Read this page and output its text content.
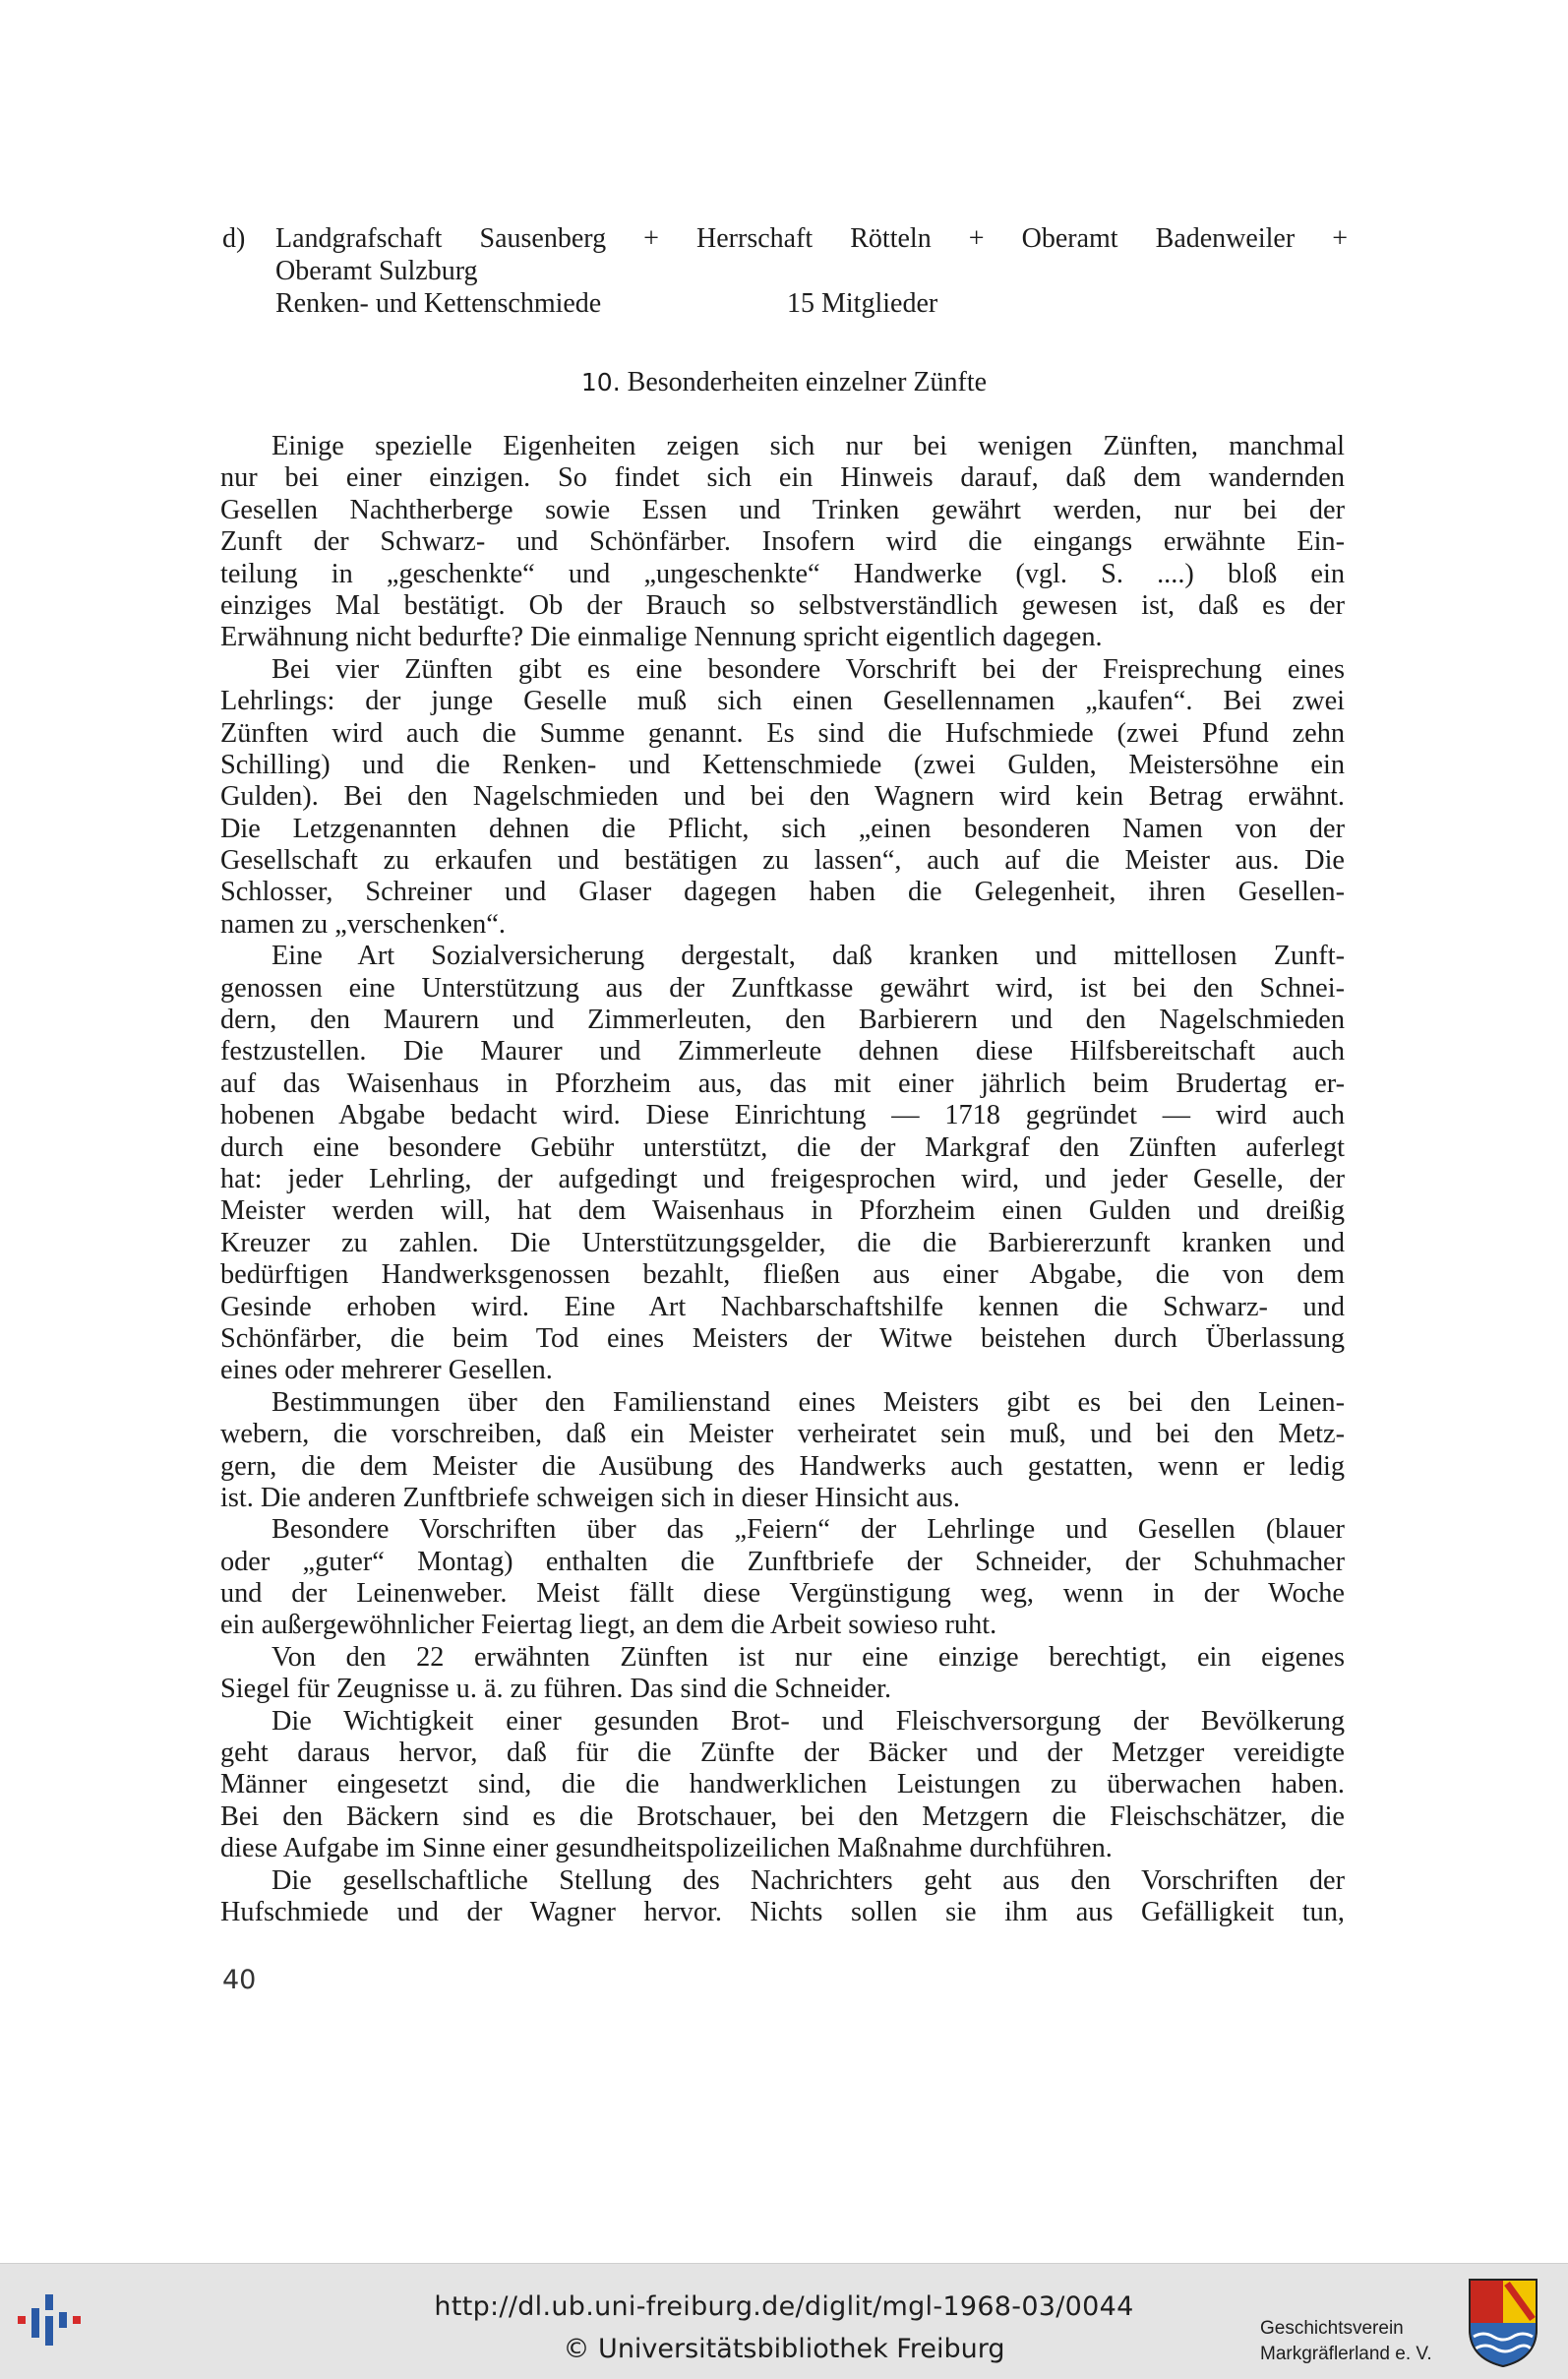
d) Landgrafschaft Sausenberg + Herrschaft Rötteln + Oberamt Badenweiler +
Oberamt Sulzburg
Renken- und Kettenschmiede	15 Mitglieder
10. Besonderheiten einzelner Zünfte
Einige spezielle Eigenheiten zeigen sich nur bei wenigen Zünften, manchmal
nur bei einer einzigen. So findet sich ein Hinweis darauf, daß dem wandernden
Gesellen Nachtherberge sowie Essen und Trinken gewährt werden, nur bei der
Zunft der Schwarz- und Schönfärber. Insofern wird die eingangs erwähnte Ein-
teilung in „geschenkte“ und „ungeschenkte“ Handwerke (vgl. S. ....) bloß ein
einziges Mal bestätigt. Ob der Brauch so selbstverständlich gewesen ist, daß es der
Erwähnung nicht bedurfte? Die einmalige Nennung spricht eigentlich dagegen.
Bei vier Zünften gibt es eine besondere Vorschrift bei der Freisprechung eines
Lehrlings: der junge Geselle muß sich einen Gesellennamen „kaufen“. Bei zwei
Zünften wird auch die Summe genannt. Es sind die Hufschmiede (zwei Pfund zehn
Schilling) und die Renken- und Kettenschmiede (zwei Gulden, Meistersöhne ein
Gulden). Bei den Nagelschmieden und bei den Wagnern wird kein Betrag erwähnt.
Die Letzgenannten dehnen die Pflicht, sich „einen besonderen Namen von der
Gesellschaft zu erkaufen und bestätigen zu lassen“, auch auf die Meister aus. Die
Schlosser, Schreiner und Glaser dagegen haben die Gelegenheit, ihren Gesellen-
namen zu „verschenken“.
Eine Art Sozialversicherung dergestalt, daß kranken und mittellosen Zunft-
genossen eine Unterstützung aus der Zunftkasse gewährt wird, ist bei den Schnei-
dern, den Maurern und Zimmerleuten, den Barbierern und den Nagelschmieden
festzustellen. Die Maurer und Zimmerleute dehnen diese Hilfsbereitschaft auch
auf das Waisenhaus in Pforzheim aus, das mit einer jährlich beim Brudertag er-
hobenen Abgabe bedacht wird. Diese Einrichtung — 1718 gegründet — wird auch
durch eine besondere Gebühr unterstützt, die der Markgraf den Zünften auferlegt
hat: jeder Lehrling, der aufgedingt und freigesprochen wird, und jeder Geselle, der
Meister werden will, hat dem Waisenhaus in Pforzheim einen Gulden und dreißig
Kreuzer zu zahlen. Die Unterstützungsgelder, die die Barbiererzunft kranken und
bedürftigen Handwerksgenossen bezahlt, fließen aus einer Abgabe, die von dem
Gesinde erhoben wird. Eine Art Nachbarschaftshilfe kennen die Schwarz- und
Schönfärber, die beim Tod eines Meisters der Witwe beistehen durch Überlassung
eines oder mehrerer Gesellen.
Bestimmungen über den Familienstand eines Meisters gibt es bei den Leinen-
webern, die vorschreiben, daß ein Meister verheiratet sein muß, und bei den Metz-
gern, die dem Meister die Ausübung des Handwerks auch gestatten, wenn er ledig
ist. Die anderen Zunftbriefe schweigen sich in dieser Hinsicht aus.
Besondere Vorschriften über das „Feiern“ der Lehrlinge und Gesellen (blauer
oder „guter“ Montag) enthalten die Zunftbriefe der Schneider, der Schuhmacher
und der Leinenweber. Meist fällt diese Vergünstigung weg, wenn in der Woche
ein außergewöhnlicher Feiertag liegt, an dem die Arbeit sowieso ruht.
Von den 22 erwähnten Zünften ist nur eine einzige berechtigt, ein eigenes
Siegel für Zeugnisse u. ä. zu führen. Das sind die Schneider.
Die Wichtigkeit einer gesunden Brot- und Fleischversorgung der Bevölkerung
geht daraus hervor, daß für die Zünfte der Bäcker und der Metzger vereidigte
Männer eingesetzt sind, die die handwerklichen Leistungen zu überwachen haben.
Bei den Bäckern sind es die Brotschauer, bei den Metzgern die Fleischschätzer, die
diese Aufgabe im Sinne einer gesundheitspolizeilichen Maßnahme durchführen.
Die gesellschaftliche Stellung des Nachrichters geht aus den Vorschriften der
Hufschmiede und der Wagner hervor. Nichts sollen sie ihm aus Gefälligkeit tun,
40
http://dl.ub.uni-freiburg.de/diglit/mgl-1968-03/0044
© Universitätsbibliothek Freiburg
Geschichtsverein
Markgräflerland e. V.
